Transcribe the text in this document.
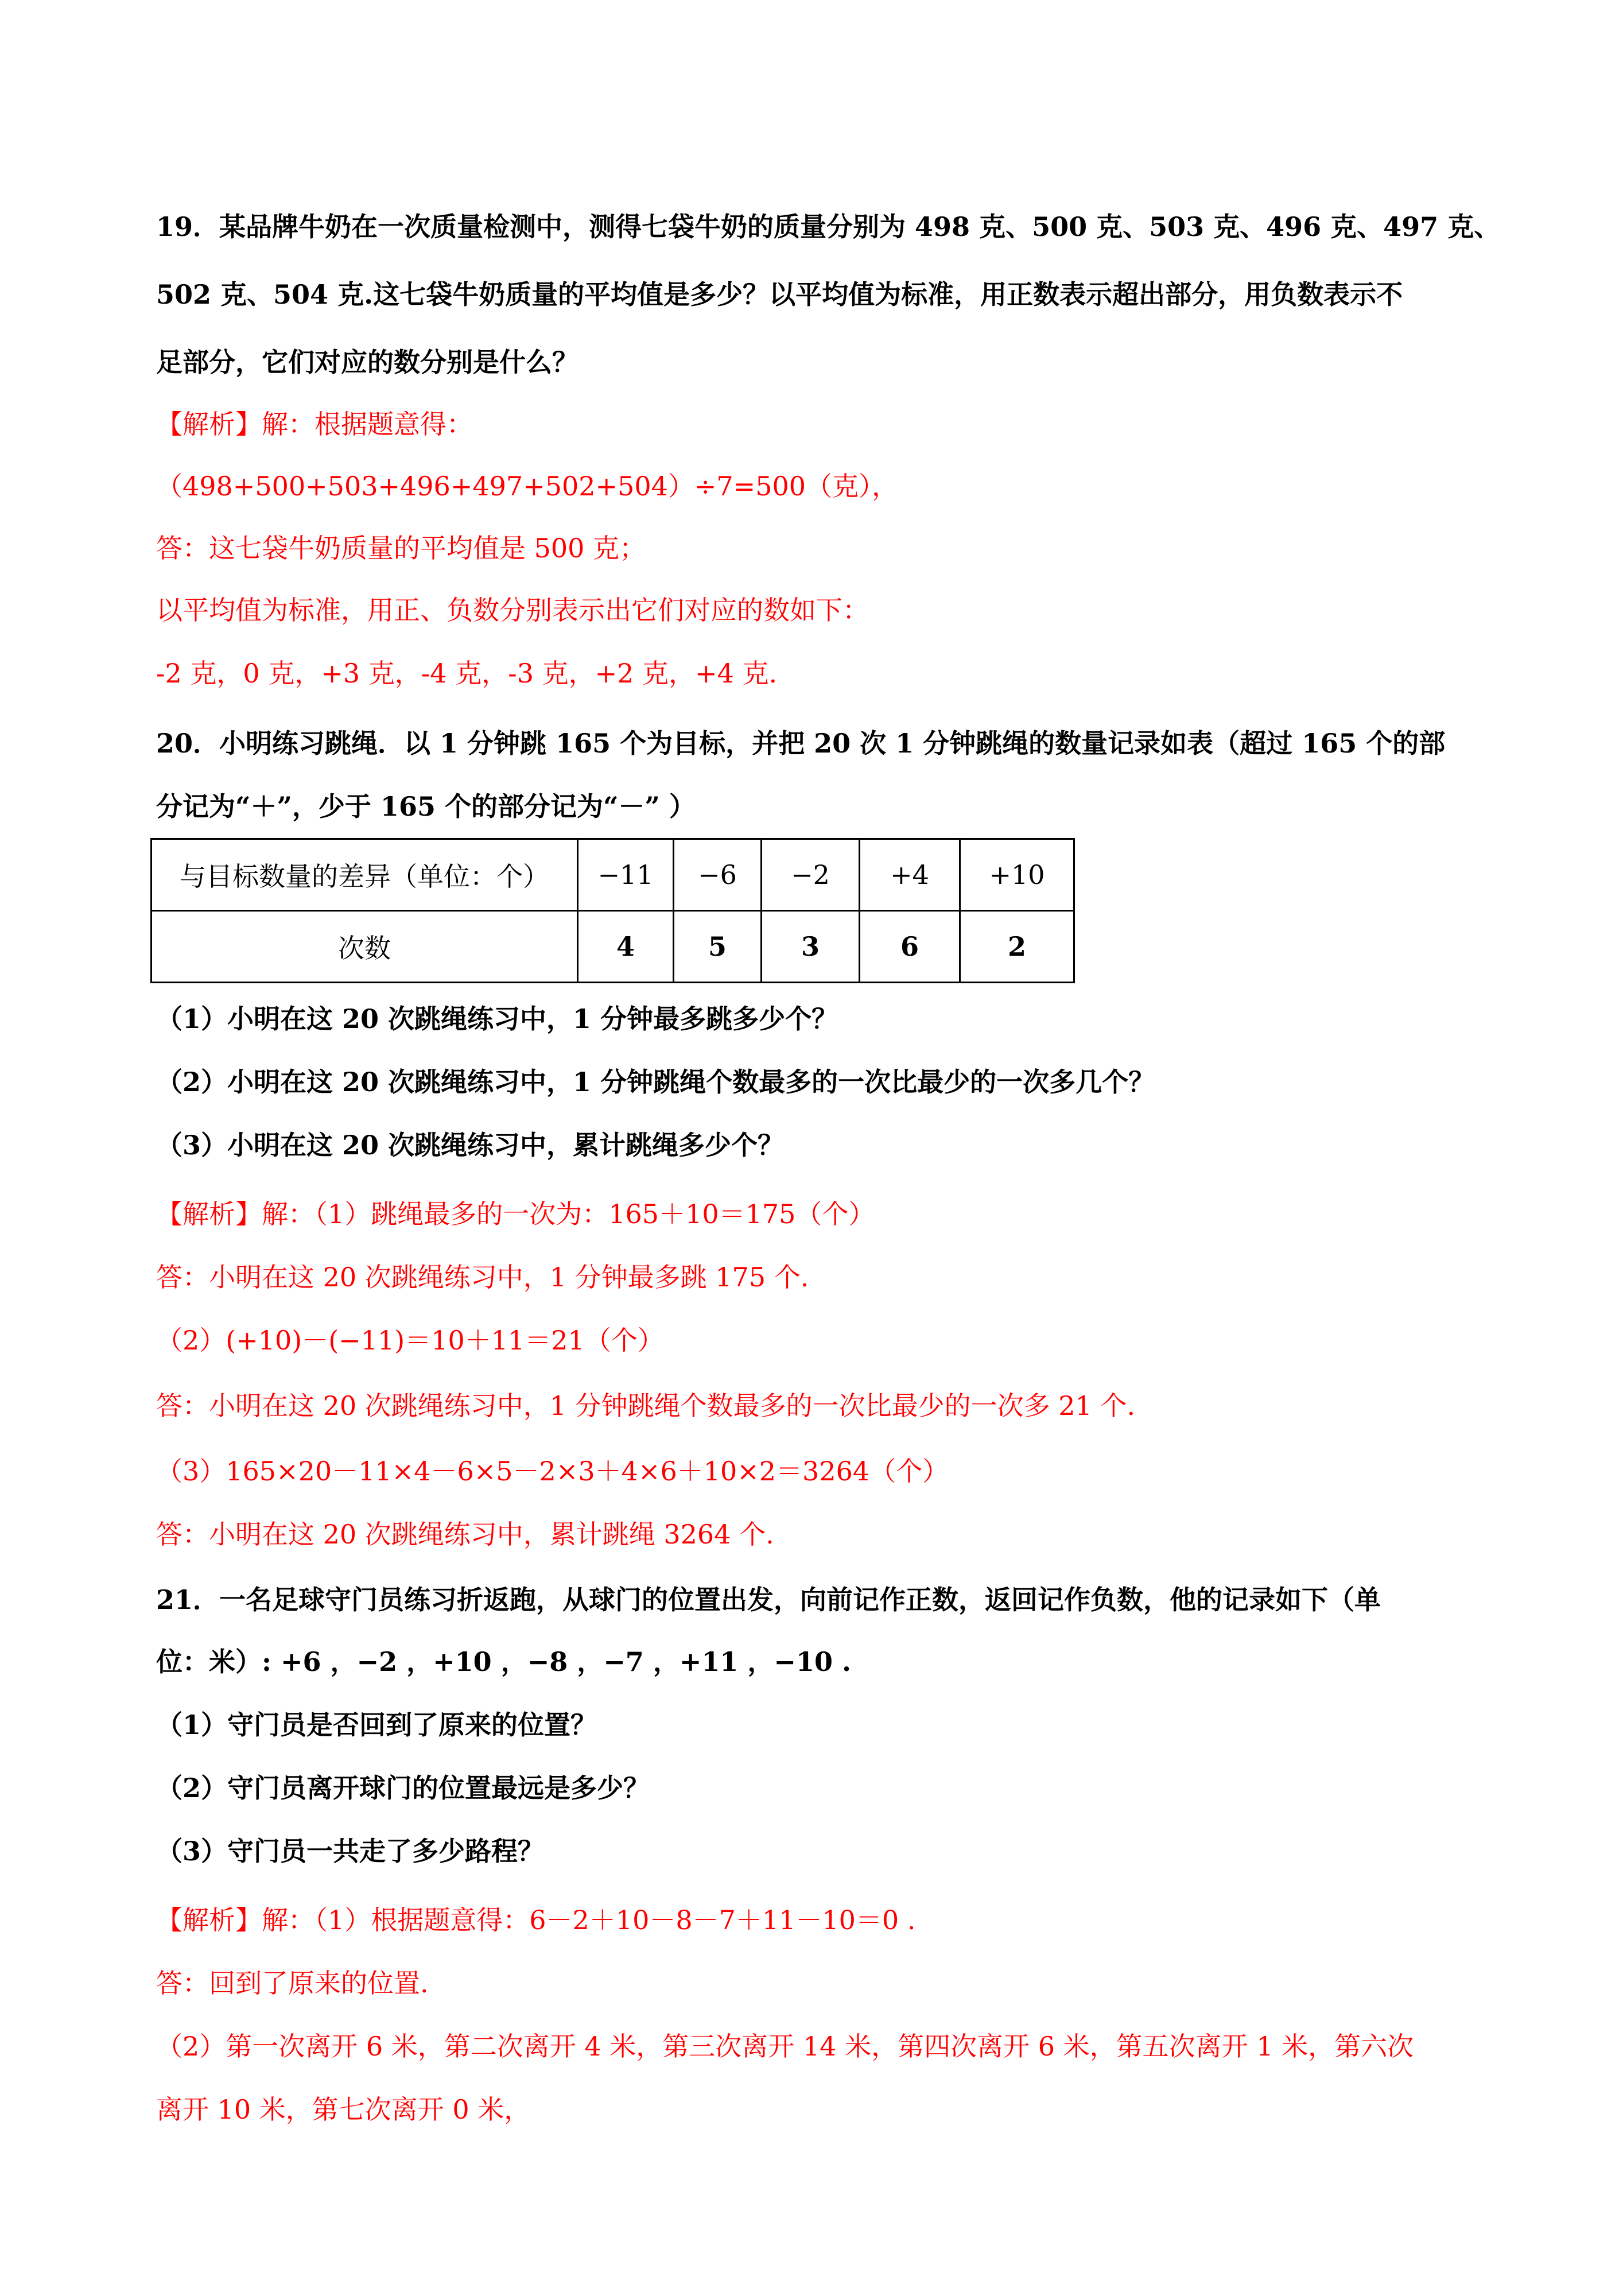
19．某品牌牛奶在一次质量检测中，测得七袋牛奶的质量分别为 498 克、500 克、503 克、496 克、497 克、
502 克、504 克.这七袋牛奶质量的平均值是多少？以平均值为标准，用正数表示超出部分，用负数表示不
足部分，它们对应的数分别是什么？
【解析】解：根据题意得：
（498+500+503+496+497+502+504）÷7=500（克），
答：这七袋牛奶质量的平均值是 500 克；
以平均值为标准，用正、负数分别表示出它们对应的数如下：
-2 克，0 克，+3 克，-4 克，-3 克，+2 克，+4 克.
20．小明练习跳绳．以 1 分钟跳 165 个为目标，并把 20 次 1 分钟跳绳的数量记录如表（超过 165 个的部
分记为“＋”，少于 165 个的部分记为“－” ）
与目标数量的差异（单位：个）	−11	−6	−2	+4	+10
次数	4	5	3	6	2
（1）小明在这 20 次跳绳练习中，1 分钟最多跳多少个？
（2）小明在这 20 次跳绳练习中，1 分钟跳绳个数最多的一次比最少的一次多几个？
（3）小明在这 20 次跳绳练习中，累计跳绳多少个？
【解析】解：（1）跳绳最多的一次为：165＋10＝175（个）
答：小明在这 20 次跳绳练习中，1 分钟最多跳 175 个.
（2）(+10)－(−11)＝10＋11＝21（个）
答：小明在这 20 次跳绳练习中，1 分钟跳绳个数最多的一次比最少的一次多 21 个.
（3）165×20－11×4－6×5－2×3＋4×6＋10×2＝3264（个）
答：小明在这 20 次跳绳练习中，累计跳绳 3264 个.
21．一名足球守门员练习折返跑，从球门的位置出发，向前记作正数，返回记作负数，他的记录如下（单
位：米）: +6 ，−2 ，+10 ，−8 ，−7 ，+11 ，−10 .
（1）守门员是否回到了原来的位置？
（2）守门员离开球门的位置最远是多少？
（3）守门员一共走了多少路程？
【解析】解：（1）根据题意得：6－2＋10－8－7＋11－10＝0 .
答：回到了原来的位置.
（2）第一次离开 6 米，第二次离开 4 米，第三次离开 14 米，第四次离开 6 米，第五次离开 1 米，第六次
离开 10 米，第七次离开 0 米，
